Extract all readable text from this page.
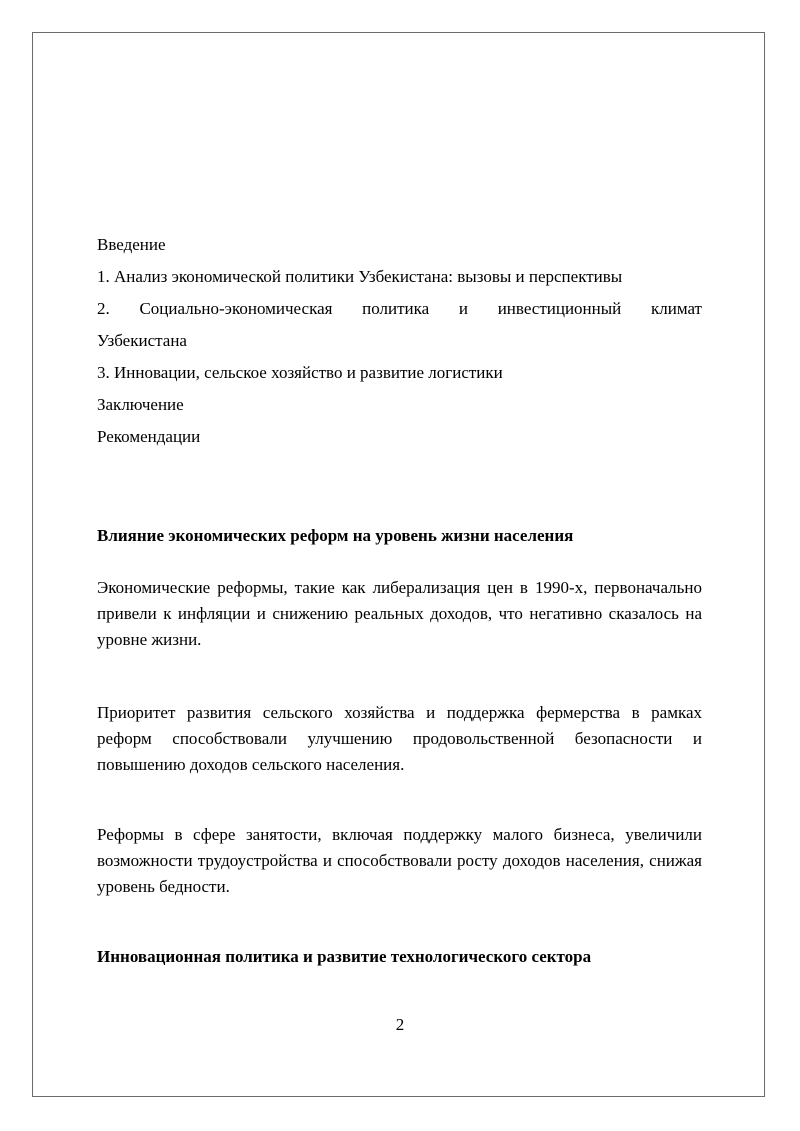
Введение
1. Анализ экономической политики Узбекистана: вызовы и перспективы
2. Социально-экономическая политика и инвестиционный климат
Узбекистана
3. Инновации, сельское хозяйство и развитие логистики
Заключение
Рекомендации
Влияние экономических реформ на уровень жизни населения

Экономические реформы, такие как либерализация цен в 1990-х, первоначально привели к инфляции и снижению реальных доходов, что негативно сказалось на уровне жизни.

Приоритет развития сельского хозяйства и поддержка фермерства в рамках реформ способствовали улучшению продовольственной безопасности и повышению доходов сельского населения.

Реформы в сфере занятости, включая поддержку малого бизнеса, увеличили возможности трудоустройства и способствовали росту доходов населения, снижая уровень бедности.

Инновационная политика и развитие технологического сектора
2
